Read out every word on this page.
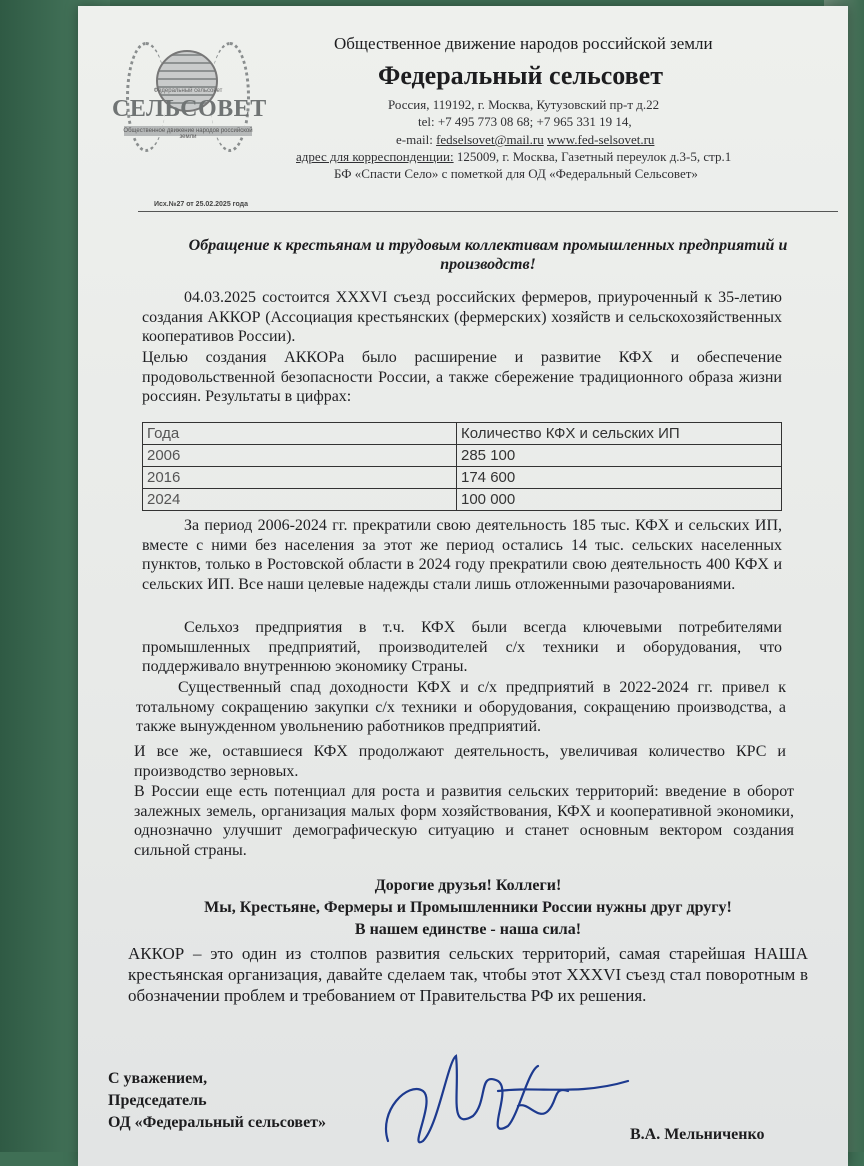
Федеральный сельсовет
СЕЛЬСОВЕТ
Общественное движение народов российской земли
Общественное движение народов российской земли
Федеральный сельсовет
Россия, 119192, г. Москва, Кутузовский пр-т д.22
tel: +7 495 773 08 68; +7 965 331 19 14,
e-mail: fedselsovet@mail.ru www.fed-selsovet.ru
адрес для корреспонденции: 125009, г. Москва, Газетный переулок д.3-5, стр.1
БФ «Спасти Село» с пометкой для ОД «Федеральный Сельсовет»
Исх.№27 от 25.02.2025 года
Обращение к крестьянам и трудовым коллективам промышленных предприятий и производств!
04.03.2025 состоится XXXVI съезд российских фермеров, приуроченный к 35-летию создания АККОР (Ассоциация крестьянских (фермерских) хозяйств и сельскохозяйственных кооперативов России).
Целью создания АККОРа было расширение и развитие КФХ и обеспечение продовольственной безопасности России, а также сбережение традиционного образа жизни россиян. Результаты в цифрах:
Года	Количество КФХ и сельских ИП
2006	285 100
2016	174 600
2024	100 000
За период 2006-2024 гг. прекратили свою деятельность 185 тыс. КФХ и сельских ИП, вместе с ними без населения за этот же период остались 14 тыс. сельских населенных пунктов, только в Ростовской области в 2024 году прекратили свою деятельность 400 КФХ и сельских ИП. Все наши целевые надежды стали лишь отложенными разочарованиями.
Сельхоз предприятия в т.ч. КФХ были всегда ключевыми потребителями промышленных предприятий, производителей с/х техники и оборудования, что поддерживало внутреннюю экономику Страны.
Существенный спад доходности КФХ и с/х предприятий в 2022-2024 гг. привел к тотальному сокращению закупки с/х техники и оборудования, сокращению производства, а также вынужденном увольнению работников предприятий.
И все же, оставшиеся КФХ продолжают деятельность, увеличивая количество КРС и производство зерновых.
В России еще есть потенциал для роста и развития сельских территорий: введение в оборот залежных земель, организация малых форм хозяйствования, КФХ и кооперативной экономики, однозначно улучшит демографическую ситуацию и станет основным вектором создания сильной страны.
Дорогие друзья! Коллеги!
Мы, Крестьяне, Фермеры и Промышленники России нужны друг другу!
В нашем единстве - наша сила!
АККОР – это один из столпов развития сельских территорий, самая старейшая НАША крестьянская организация, давайте сделаем так, чтобы этот XXXVI съезд стал поворотным в обозначении проблем и требованием от Правительства РФ их решения.
С уважением,
Председатель
ОД «Федеральный сельсовет»
В.А. Мельниченко
